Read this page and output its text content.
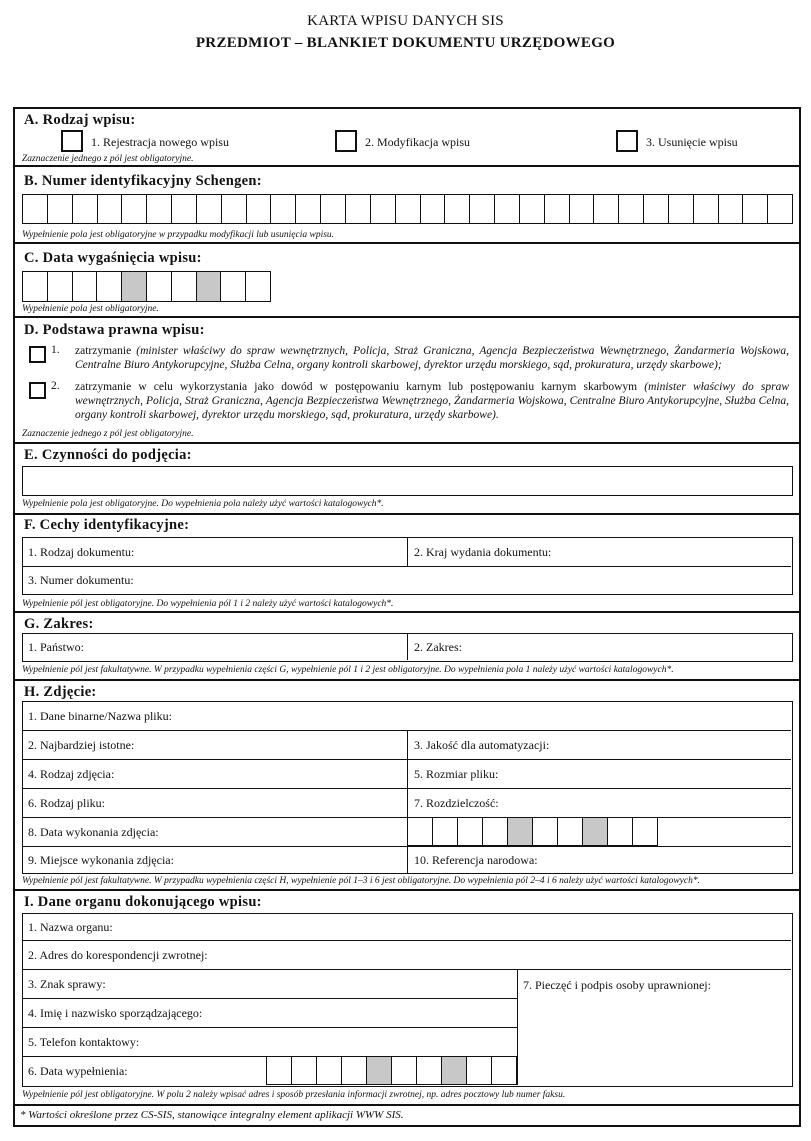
KARTA WPISU DANYCH SIS
PRZEDMIOT – BLANKIET DOKUMENTU URZĘDOWEGO
A. Rodzaj wpisu:
1. Rejestracja nowego wpisu	2. Modyfikacja wpisu	3. Usunięcie wpisu
Zaznaczenie jednego z pól jest obligatoryjne.
B. Numer identyfikacyjny Schengen:
Wypełnienie pola jest obligatoryjne w przypadku modyfikacji lub usunięcia wpisu.
C. Data wygaśnięcia wpisu:
Wypełnienie pola jest obligatoryjne.
D. Podstawa prawna wpisu:
1. zatrzymanie (minister właściwy do spraw wewnętrznych, Policja, Straż Graniczna, Agencja Bezpieczeństwa Wewnętrznego, Żandarmeria Wojskowa, Centralne Biuro Antykorupcyjne, Służba Celna, organy kontroli skarbowej, dyrektor urzędu morskiego, sąd, prokuratura, urzędy skarbowe);
2. zatrzymanie w celu wykorzystania jako dowód w postępowaniu karnym lub postępowaniu karnym skarbowym (minister właściwy do spraw wewnętrznych, Policja, Straż Graniczna, Agencja Bezpieczeństwa Wewnętrznego, Żandarmeria Wojskowa, Centralne Biuro Antykorupcyjne, Służba Celna, organy kontroli skarbowej, dyrektor urzędu morskiego, sąd, prokuratura, urzędy skarbowe).
Zaznaczenie jednego z pól jest obligatoryjne.
E. Czynności do podjęcia:
Wypełnienie pola jest obligatoryjne. Do wypełnienia pola należy użyć wartości katalogowych*.
F. Cechy identyfikacyjne:
1. Rodzaj dokumentu:	2. Kraj wydania dokumentu:
3. Numer dokumentu:
Wypełnienie pól jest obligatoryjne. Do wypełnienia pól 1 i 2 należy użyć wartości katalogowych*.
G. Zakres:
1. Państwo:	2. Zakres:
Wypełnienie pól jest fakultatywne. W przypadku wypełnienia części G, wypełnienie pól 1 i 2 jest obligatoryjne. Do wypełnienia pola 1 należy użyć wartości katalogowych*.
H. Zdjęcie:
1. Dane binarne/Nazwa pliku:
2. Najbardziej istotne:	3. Jakość dla automatyzacji:
4. Rodzaj zdjęcia:	5. Rozmiar pliku:
6. Rodzaj pliku:	7. Rozdzielczość:
8. Data wykonania zdjęcia:
9. Miejsce wykonania zdjęcia:	10. Referencja narodowa:
Wypełnienie pól jest fakultatywne. W przypadku wypełnienia części H, wypełnienie pól 1–3 i 6 jest obligatoryjne. Do wypełnienia pól 2–4 i 6 należy użyć wartości katalogowych*.
I. Dane organu dokonującego wpisu:
1. Nazwa organu:
2. Adres do korespondencji zwrotnej:
3. Znak sprawy:
4. Imię i nazwisko sporządzającego:
5. Telefon kontaktowy:
6. Data wypełnienia:
7. Pieczęć i podpis osoby uprawnionej:
Wypełnienie pól jest obligatoryjne. W polu 2 należy wpisać adres i sposób przesłania informacji zwrotnej, np. adres pocztowy lub numer faksu.
* Wartości określone przez CS-SIS, stanowiące integralny element aplikacji WWW SIS.
